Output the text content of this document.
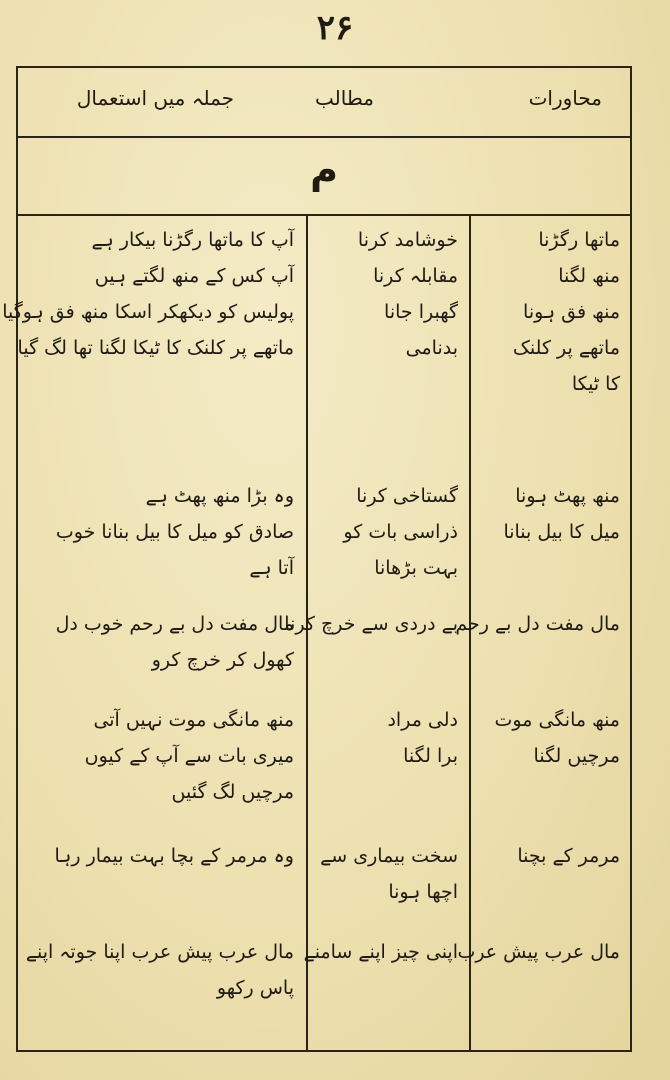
۲۶
محاورات
مطالب
جملہ میں استعمال
م
ماتھا رگڑنا
خوشامد کرنا
آپ کا ماتھا رگڑنا بیکار ہے
منھ لگنا
مقابلہ کرنا
آپ کس کے منھ لگتے ہیں
منھ فق ہونا
گھبرا جانا
پولیس کو دیکھکر اسکا منھ فق ہوگیا
ماتھے پر کلنک
کا ٹیکا
بدنامی
ماتھے پر کلنک کا ٹیکا لگنا تھا لگ گیا
منھ پھٹ ہونا
گستاخی کرنا
وہ بڑا منھ پھٹ ہے
میل کا بیل بنانا
ذراسی بات کو
بہت بڑھانا
صادق کو میل کا بیل بنانا خوب
آتا ہے
مال مفت دل بے رحم
بے دردی سے خرچ کرنا
مال مفت دل بے رحم خوب دل
کھول کر خرچ کرو
منھ مانگی موت
دلی مراد
منھ مانگی موت نہیں آتی
مرچیں لگنا
برا لگنا
میری بات سے آپ کے کیوں
مرچیں لگ گئیں
مرمر کے بچنا
سخت بیماری سے
اچھا ہونا
وہ مرمر کے بچا بہت بیمار رہا
مال عرب پیش عرب
اپنی چیز اپنے سامنے
مال عرب پیش عرب اپنا جوتہ اپنے
پاس رکھو
